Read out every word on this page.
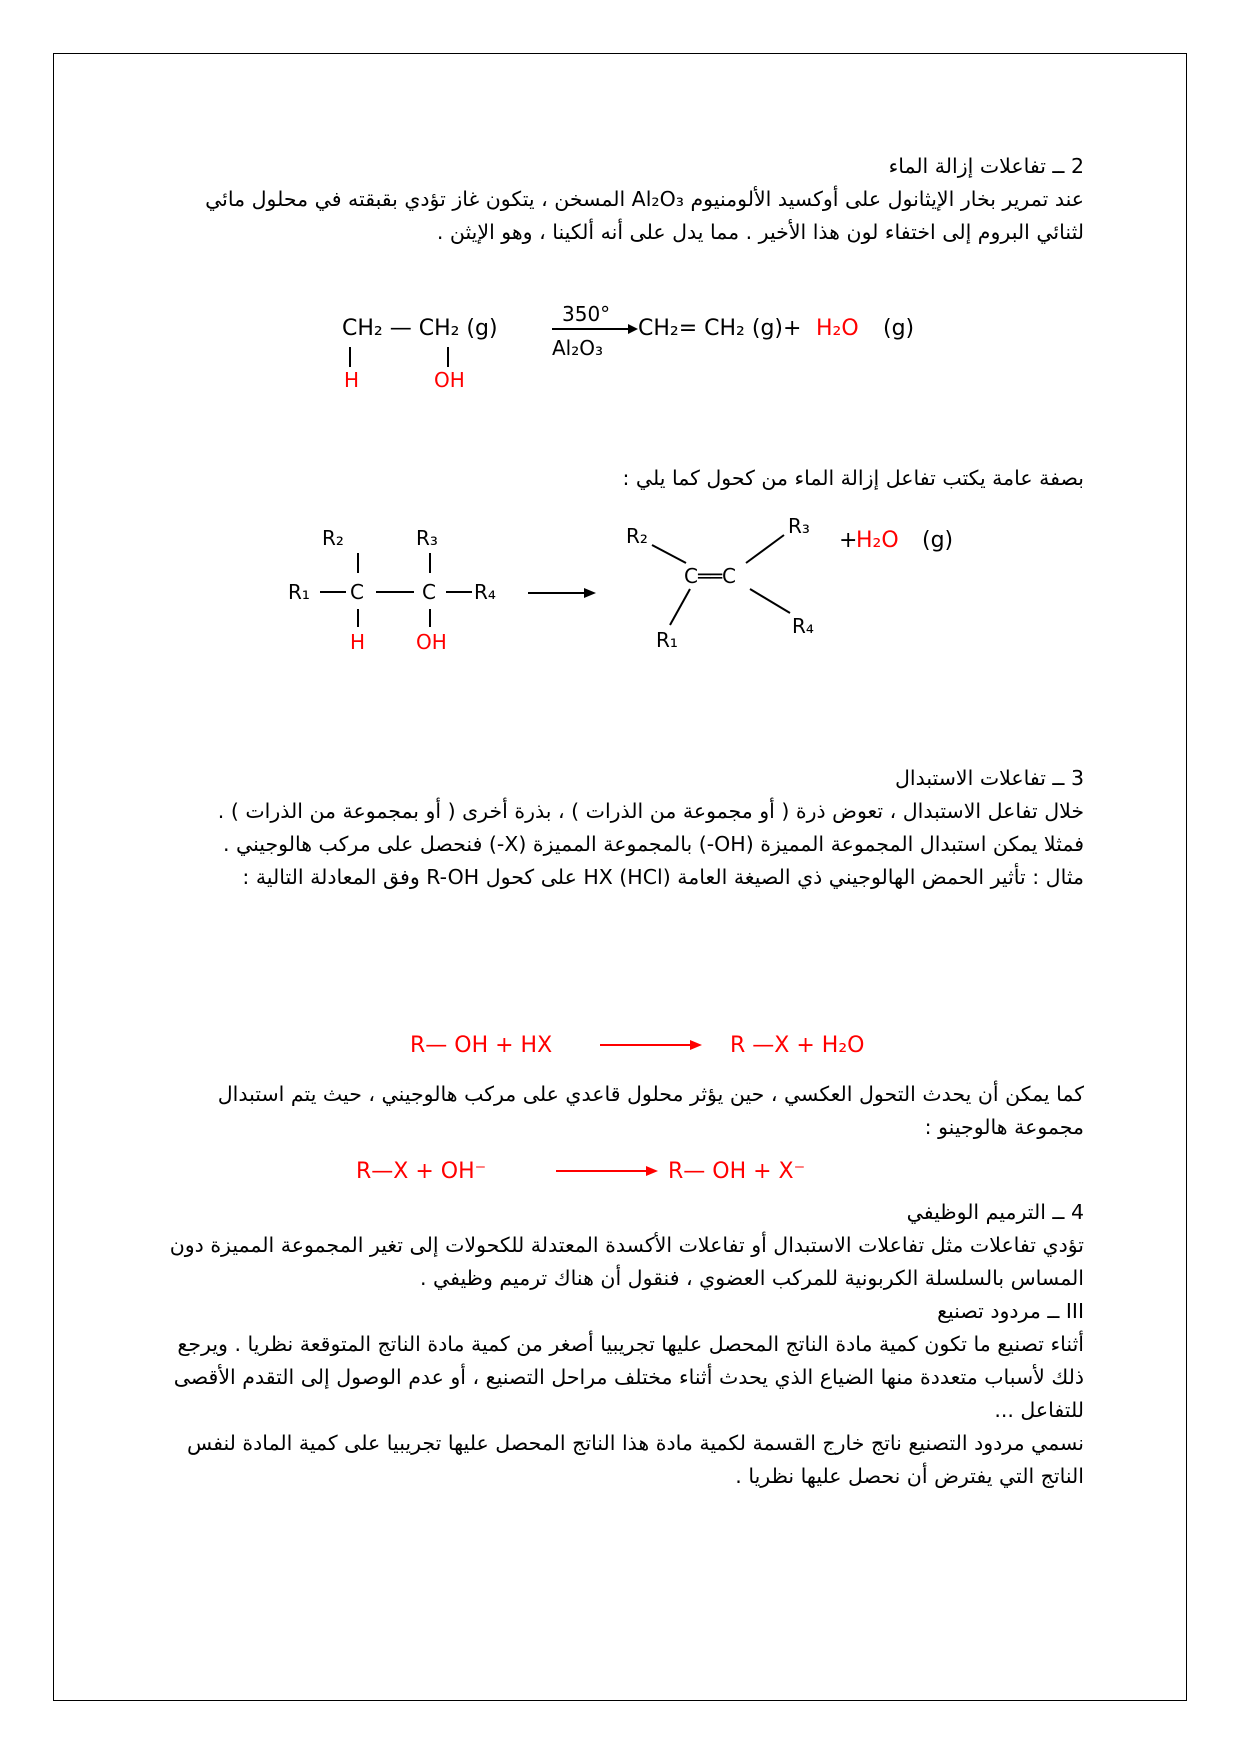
2 ــ تفاعلات إزالة الماء

عند تمرير بخار الإيثانول على أوكسيد الألومنيوم Al₂O₃ المسخن ، يتكون غاز تؤدي بقبقته في محلول مائي لثنائي البروم إلى اختفاء لون هذا الأخير . مما يدل على أنه ألكينا ، وهو الإيثن .

CH₂ — CH₂ (g)
H	OH
350°
Al₂O₃
CH₂= CH₂ (g)+ H₂O (g)

بصفة عامة يكتب تفاعل إزالة الماء من كحول كما يلي :

R₂	R₃
R₁ C	C R₄
H	OH
R₂	R₃
C══C
R₁
R₄
+
H₂O (g)

3 ــ تفاعلات الاستبدال

خلال تفاعل الاستبدال ، تعوض ذرة ( أو مجموعة من الذرات ) ، بذرة أخرى ( أو بمجموعة من الذرات ) .

فمثلا يمكن استبدال المجموعة المميزة (OH-) بالمجموعة المميزة (X-) فنحصل على مركب هالوجيني .

مثال : تأثير الحمض الهالوجيني ذي الصيغة العامة HX (HCl) على كحول R-OH وفق المعادلة التالية :

R— OH + HX	R —X + H₂O

كما يمكن أن يحدث التحول العكسي ، حين يؤثر محلول قاعدي على مركب هالوجيني ، حيث يتم استبدال مجموعة هالوجينو :

R—X + OH⁻	R— OH + X⁻

4 ــ الترميم الوظيفي

تؤدي تفاعلات مثل تفاعلات الاستبدال أو تفاعلات الأكسدة المعتدلة للكحولات إلى تغير المجموعة المميزة دون المساس بالسلسلة الكربونية للمركب العضوي ، فنقول أن هناك ترميم وظيفي .

III ــ مردود تصنيع

أثناء تصنيع ما تكون كمية مادة الناتج المحصل عليها تجريبيا أصغر من كمية مادة الناتج المتوقعة نظريا . ويرجع ذلك لأسباب متعددة منها الضياع الذي يحدث أثناء مختلف مراحل التصنيع ، أو عدم الوصول إلى التقدم الأقصى للتفاعل ...

نسمي مردود التصنيع ناتج خارج القسمة لكمية مادة هذا الناتج المحصل عليها تجريبيا على كمية المادة لنفس الناتج التي يفترض أن نحصل عليها نظريا .
